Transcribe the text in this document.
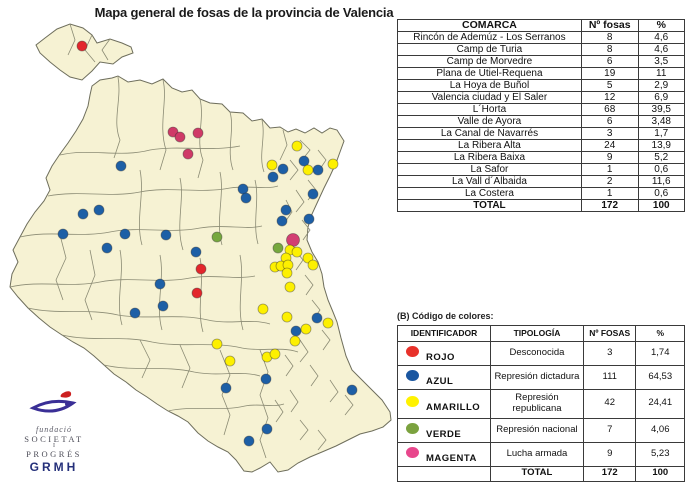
Mapa general de fosas de la provincia de Valencia
COMARCA	Nº fosas	%
Rincón de Ademúz - Los Serranos	8	4,6
Camp de Turia	8	4,6
Camp de Morvedre	6	3,5
Plana de Utiel-Requena	19	11
La Hoya de Buñol	5	2,9
Valencia ciudad y El Saler	12	6,9
L´Horta	68	39,5
Valle de Ayora	6	3,48
La Canal de Navarrés	3	1,7
La Ribera Alta	24	13,9
La Ribera Baixa	9	5,2
La Safor	1	0,6
La Vall d´Albaida	2	11,6
La Costera	1	0,6
TOTAL	172	100
(B) Código de colores:
IDENTIFICADOR	TIPOLOGÍA	Nº FOSAS	%

ROJO	Desconocida	3	1,74

AZUL	Represión dictadura	111	64,53

AMARILLO	Represión republicana	42	24,41

VERDE	Represión nacional	7	4,06

MAGENTA	Lucha armada	9	5,23
	TOTAL	172	100
fundació
SOCIETAT
I
PROGRÉS
GRMH
